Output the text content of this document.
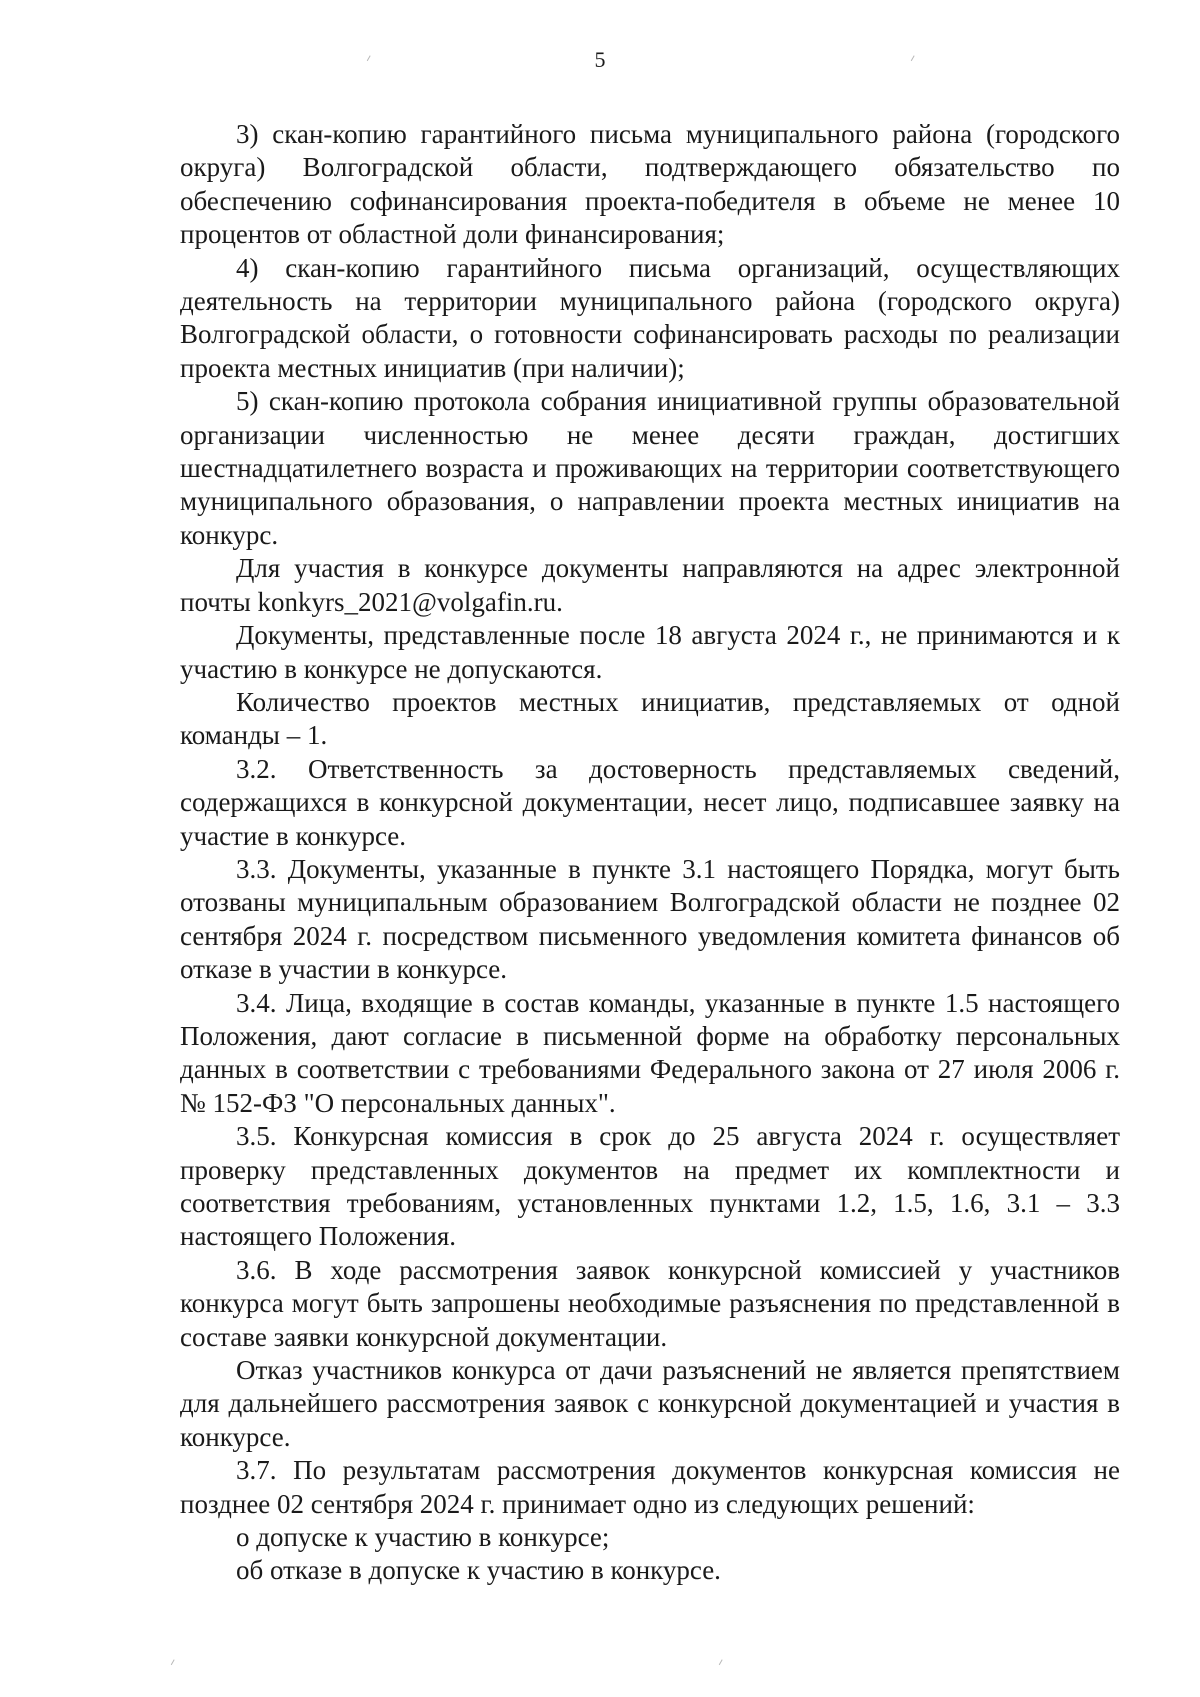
5

3) скан-копию гарантийного письма муниципального района (городского округа) Волгоградской области, подтверждающего обязательство по обеспечению софинансирования проекта-победителя в объеме не менее 10 процентов от областной доли финансирования;

4) скан-копию гарантийного письма организаций, осуществляющих деятельность на территории муниципального района (городского округа) Волгоградской области, о готовности софинансировать расходы по реализации проекта местных инициатив (при наличии);

5) скан-копию протокола собрания инициативной группы образовательной организации численностью не менее десяти граждан, достигших шестнадцатилетнего возраста и проживающих на территории соответствующего муниципального образования, о направлении проекта местных инициатив на конкурс.

Для участия в конкурсе документы направляются на адрес электронной почты konkyrs_2021@volgafin.ru.

Документы, представленные после 18 августа 2024 г., не принимаются и к участию в конкурсе не допускаются.

Количество проектов местных инициатив, представляемых от одной команды – 1.

3.2. Ответственность за достоверность представляемых сведений, содержащихся в конкурсной документации, несет лицо, подписавшее заявку на участие в конкурсе.

3.3. Документы, указанные в пункте 3.1 настоящего Порядка, могут быть отозваны муниципальным образованием Волгоградской области не позднее 02 сентября 2024 г. посредством письменного уведомления комитета финансов об отказе в участии в конкурсе.

3.4. Лица, входящие в состав команды, указанные в пункте 1.5 настоящего Положения, дают согласие в письменной форме на обработку персональных данных в соответствии с требованиями Федерального закона от 27 июля 2006 г. № 152-ФЗ "О персональных данных".

3.5. Конкурсная комиссия в срок до 25 августа 2024 г. осуществляет проверку представленных документов на предмет их комплектности и соответствия требованиям, установленных пунктами 1.2, 1.5, 1.6, 3.1 – 3.3 настоящего Положения.

3.6. В ходе рассмотрения заявок конкурсной комиссией у участников конкурса могут быть запрошены необходимые разъяснения по представленной в составе заявки конкурсной документации.

Отказ участников конкурса от дачи разъяснений не является препятствием для дальнейшего рассмотрения заявок с конкурсной документацией и участия в конкурсе.

3.7. По результатам рассмотрения документов конкурсная комиссия не позднее 02 сентября 2024 г. принимает одно из следующих решений:

о допуске к участию в конкурсе;

об отказе в допуске к участию в конкурсе.
